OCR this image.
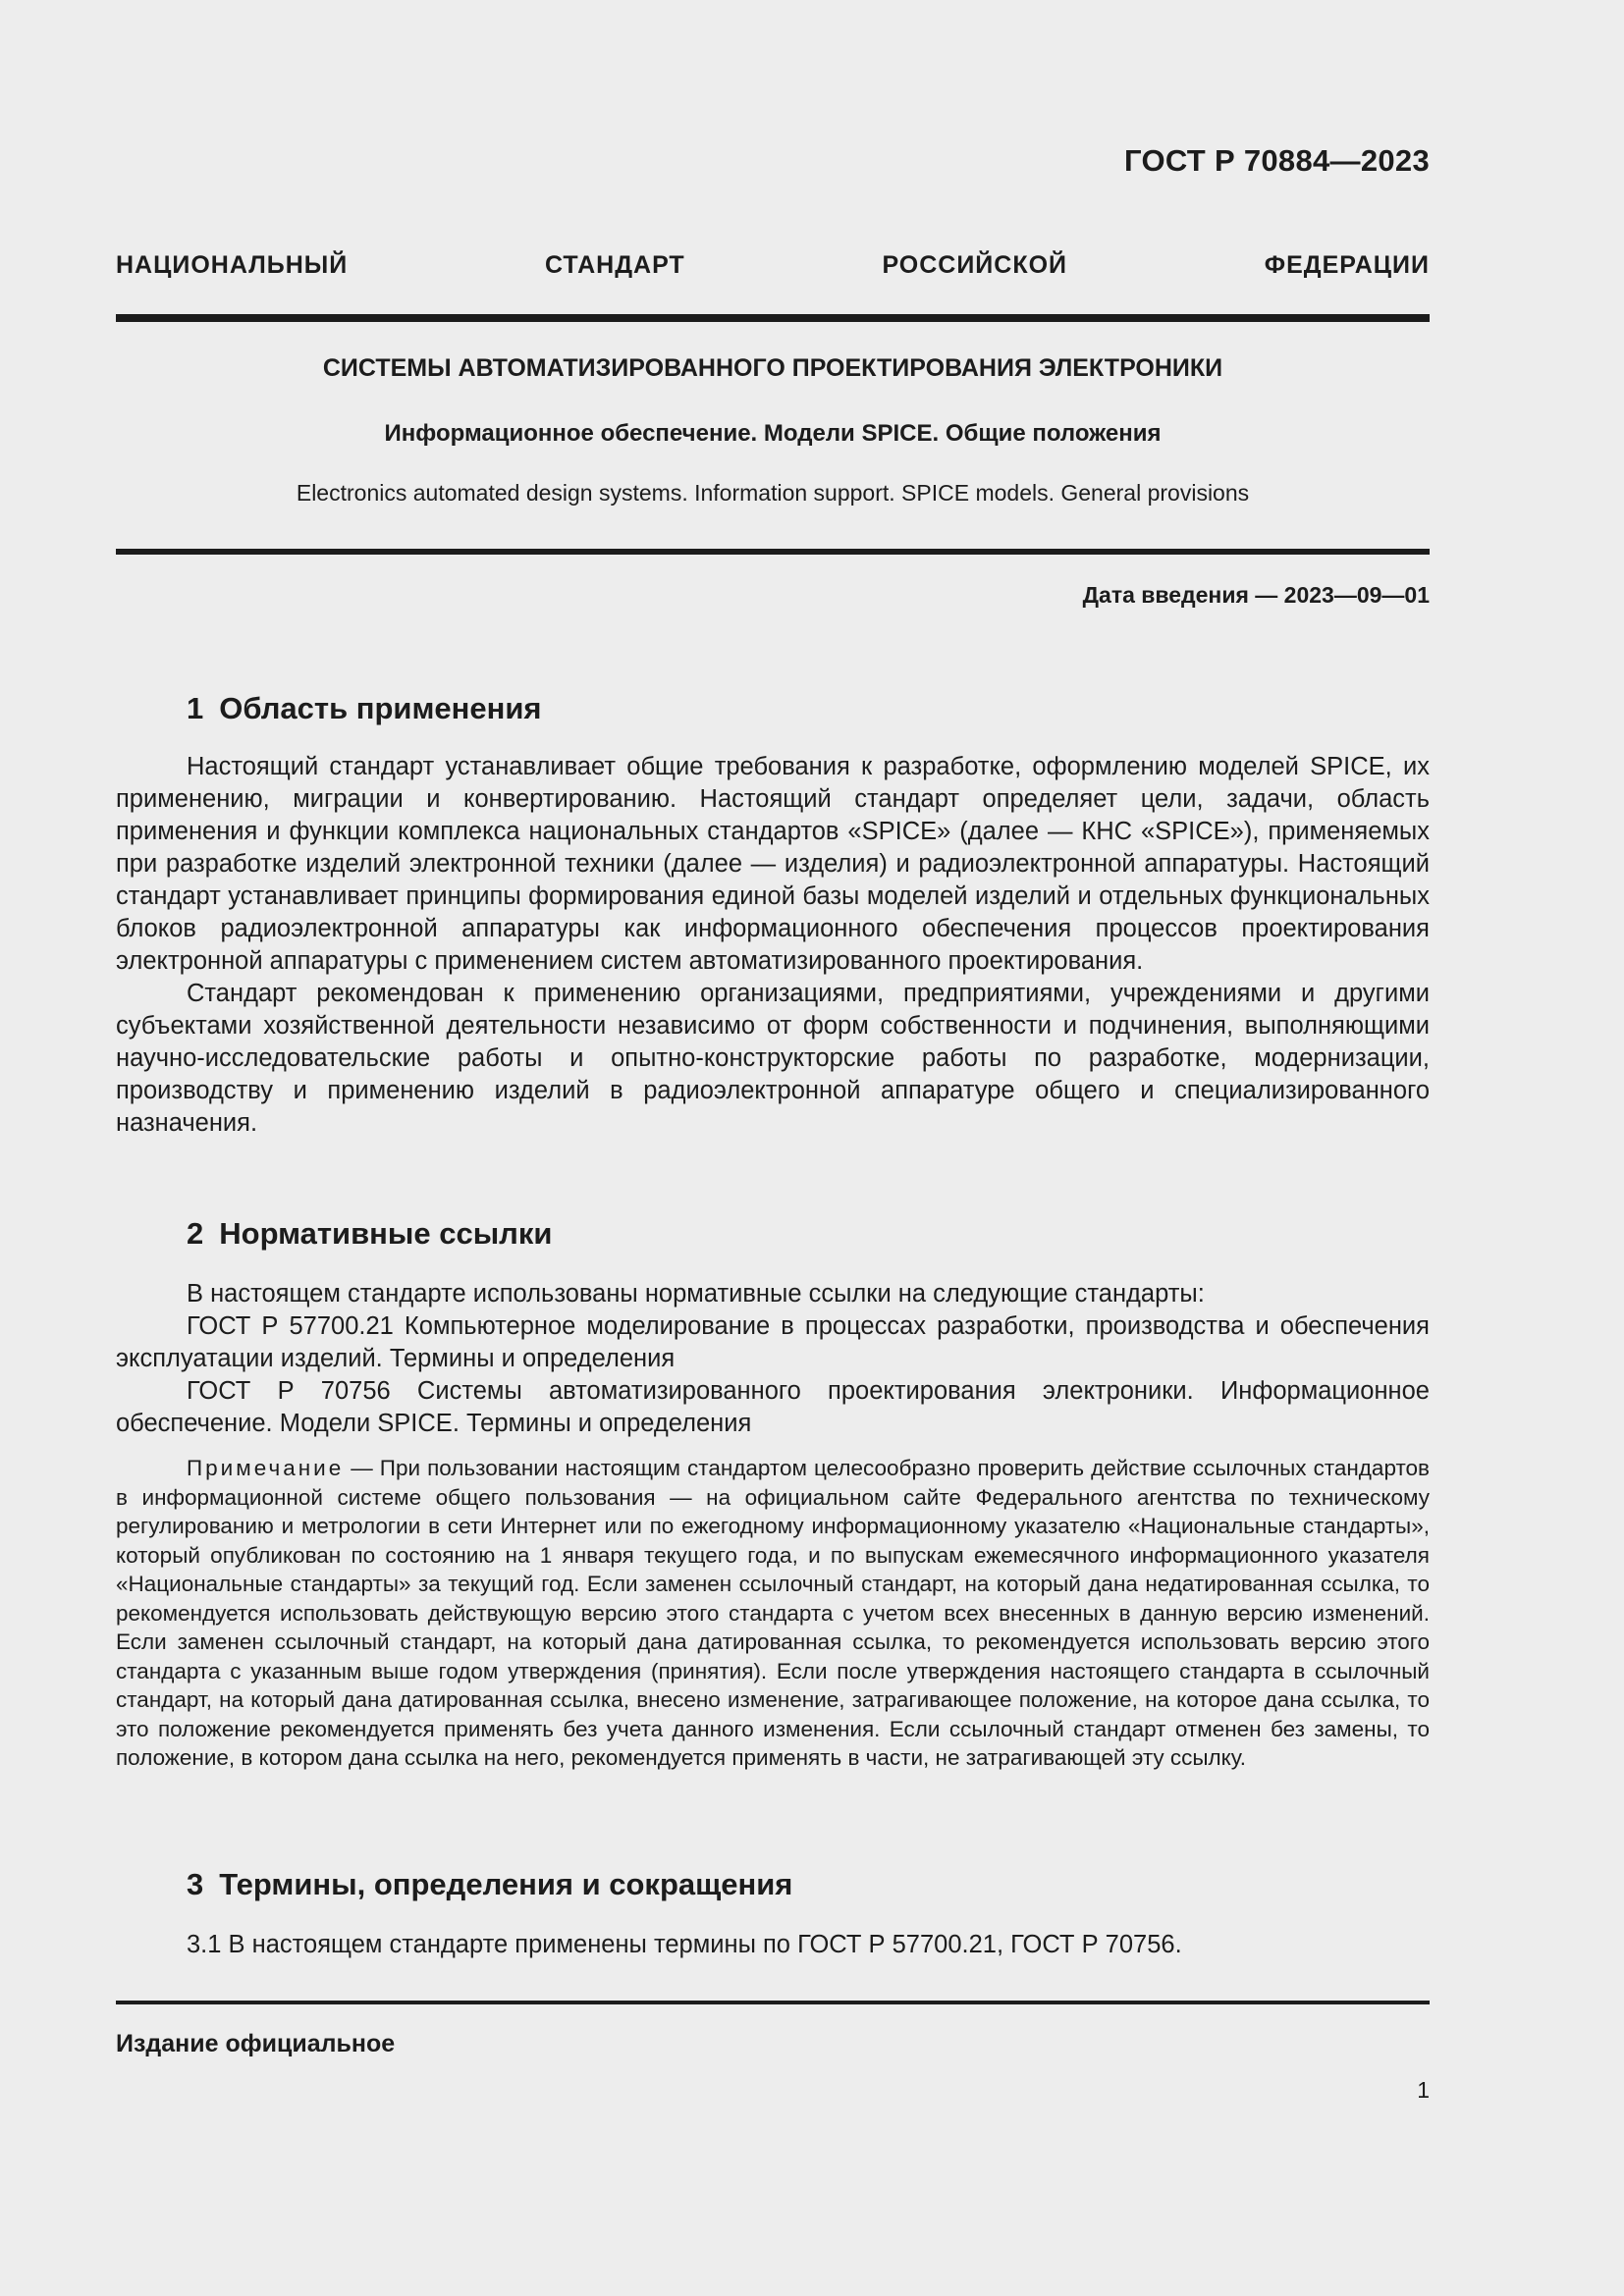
ГОСТ Р 70884—2023
НАЦИОНАЛЬНЫЙ СТАНДАРТ РОССИЙСКОЙ ФЕДЕРАЦИИ
СИСТЕМЫ АВТОМАТИЗИРОВАННОГО ПРОЕКТИРОВАНИЯ ЭЛЕКТРОНИКИ
Информационное обеспечение. Модели SPICE. Общие положения
Electronics automated design systems. Information support. SPICE models. General provisions
Дата введения — 2023—09—01
1 Область применения

Настоящий стандарт устанавливает общие требования к разработке, оформлению моделей SPICE, их применению, миграции и конвертированию. Настоящий стандарт определяет цели, задачи, область применения и функции комплекса национальных стандартов «SPICE» (далее — КНС «SPICE»), применяемых при разработке изделий электронной техники (далее — изделия) и радиоэлектронной аппаратуры. Настоящий стандарт устанавливает принципы формирования единой базы моделей изделий и отдельных функциональных блоков радиоэлектронной аппаратуры как информационного обеспечения процессов проектирования электронной аппаратуры с применением систем автоматизированного проектирования.

Стандарт рекомендован к применению организациями, предприятиями, учреждениями и другими субъектами хозяйственной деятельности независимо от форм собственности и подчинения, выполняющими научно-исследовательские работы и опытно-конструкторские работы по разработке, модернизации, производству и применению изделий в радиоэлектронной аппаратуре общего и специализированного назначения.

2 Нормативные ссылки

В настоящем стандарте использованы нормативные ссылки на следующие стандарты:

ГОСТ Р 57700.21 Компьютерное моделирование в процессах разработки, производства и обеспечения эксплуатации изделий. Термины и определения

ГОСТ Р 70756 Системы автоматизированного проектирования электроники. Информационное обеспечение. Модели SPICE. Термины и определения

Примечание — При пользовании настоящим стандартом целесообразно проверить действие ссылочных стандартов в информационной системе общего пользования — на официальном сайте Федерального агентства по техническому регулированию и метрологии в сети Интернет или по ежегодному информационному указателю «Национальные стандарты», который опубликован по состоянию на 1 января текущего года, и по выпускам ежемесячного информационного указателя «Национальные стандарты» за текущий год. Если заменен ссылочный стандарт, на который дана недатированная ссылка, то рекомендуется использовать действующую версию этого стандарта с учетом всех внесенных в данную версию изменений. Если заменен ссылочный стандарт, на который дана датированная ссылка, то рекомендуется использовать версию этого стандарта с указанным выше годом утверждения (принятия). Если после утверждения настоящего стандарта в ссылочный стандарт, на который дана датированная ссылка, внесено изменение, затрагивающее положение, на которое дана ссылка, то это положение рекомендуется применять без учета данного изменения. Если ссылочный стандарт отменен без замены, то положение, в котором дана ссылка на него, рекомендуется применять в части, не затрагивающей эту ссылку.

3 Термины, определения и сокращения

3.1 В настоящем стандарте применены термины по ГОСТ Р 57700.21, ГОСТ Р 70756.

Издание официальное
1
